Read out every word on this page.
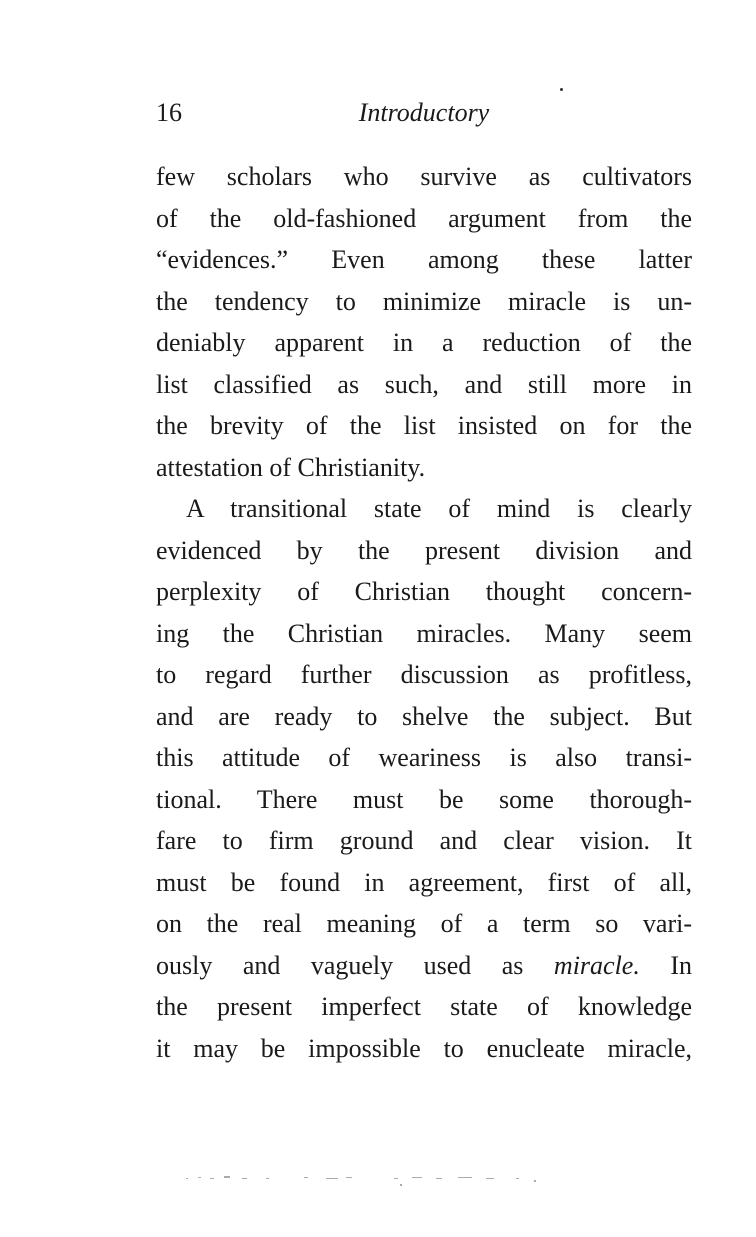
16	Introductory
few scholars who survive as cultivators
of the old-fashioned argument from the
“evidences.” Even among these latter
the tendency to minimize miracle is un-
deniably apparent in a reduction of the
list classified as such, and still more in
the brevity of the list insisted on for the
attestation of Christianity.
A transitional state of mind is clearly
evidenced by the present division and
perplexity of Christian thought concern-
ing the Christian miracles. Many seem
to regard further discussion as profitless,
and are ready to shelve the subject. But
this attitude of weariness is also transi-
tional. There must be some thorough-
fare to firm ground and clear vision. It
must be found in agreement, first of all,
on the real meaning of a term so vari-
ously and vaguely used as miracle. In
the present imperfect state of knowledge
it may be impossible to enucleate miracle,
